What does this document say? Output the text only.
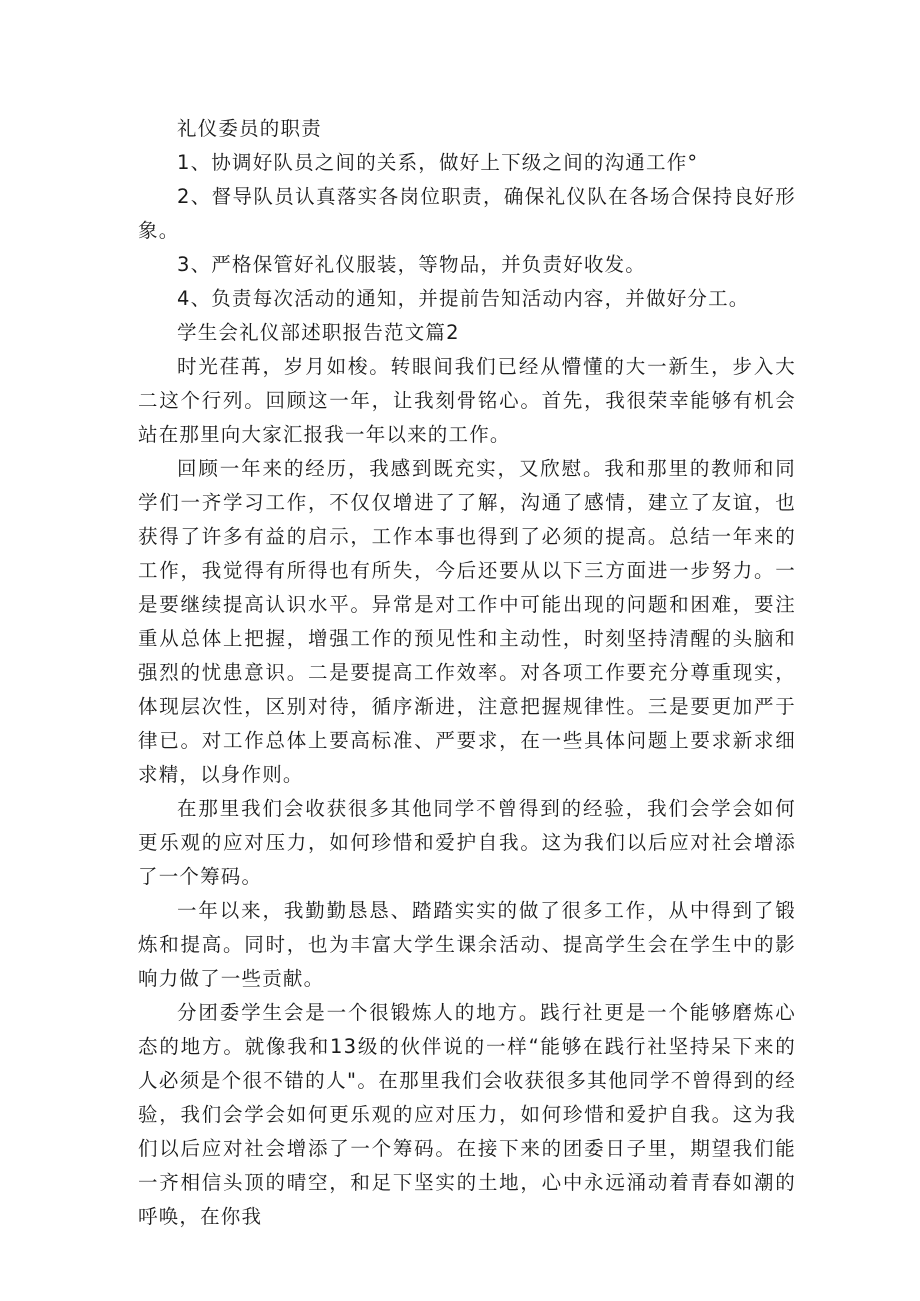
礼仪委员的职责

1、协调好队员之间的关系，做好上下级之间的沟通工作°

2、督导队员认真落实各岗位职责，确保礼仪队在各场合保持良好形象。

3、严格保管好礼仪服装，等物品，并负责好收发。

4、负责每次活动的通知，并提前告知活动内容，并做好分工。

学生会礼仪部述职报告范文篇2

时光荏苒，岁月如梭。转眼间我们已经从懵懂的大一新生，步入大二这个行列。回顾这一年，让我刻骨铭心。首先，我很荣幸能够有机会站在那里向大家汇报我一年以来的工作。

回顾一年来的经历，我感到既充实，又欣慰。我和那里的教师和同学们一齐学习工作，不仅仅增进了了解，沟通了感情，建立了友谊，也获得了许多有益的启示，工作本事也得到了必须的提高。总结一年来的工作，我觉得有所得也有所失，今后还要从以下三方面进一步努力。一是要继续提高认识水平。异常是对工作中可能出现的问题和困难，要注重从总体上把握，增强工作的预见性和主动性，时刻坚持清醒的头脑和强烈的忧患意识。二是要提高工作效率。对各项工作要充分尊重现实，体现层次性，区别对待，循序渐进，注意把握规律性。三是要更加严于律已。对工作总体上要高标准、严要求，在一些具体问题上要求新求细求精，以身作则。

在那里我们会收获很多其他同学不曾得到的经验，我们会学会如何更乐观的应对压力，如何珍惜和爱护自我。这为我们以后应对社会增添了一个筹码。

一年以来，我勤勤恳恳、踏踏实实的做了很多工作，从中得到了锻炼和提高。同时，也为丰富大学生课余活动、提高学生会在学生中的影响力做了一些贡献。

分团委学生会是一个很锻炼人的地方。践行社更是一个能够磨炼心态的地方。就像我和13级的伙伴说的一样“能够在践行社坚持呆下来的人必须是个很不错的人"。在那里我们会收获很多其他同学不曾得到的经验，我们会学会如何更乐观的应对压力，如何珍惜和爱护自我。这为我们以后应对社会增添了一个筹码。在接下来的团委日子里，期望我们能一齐相信头顶的晴空，和足下坚实的土地，心中永远涌动着青春如潮的呼唤，在你我
